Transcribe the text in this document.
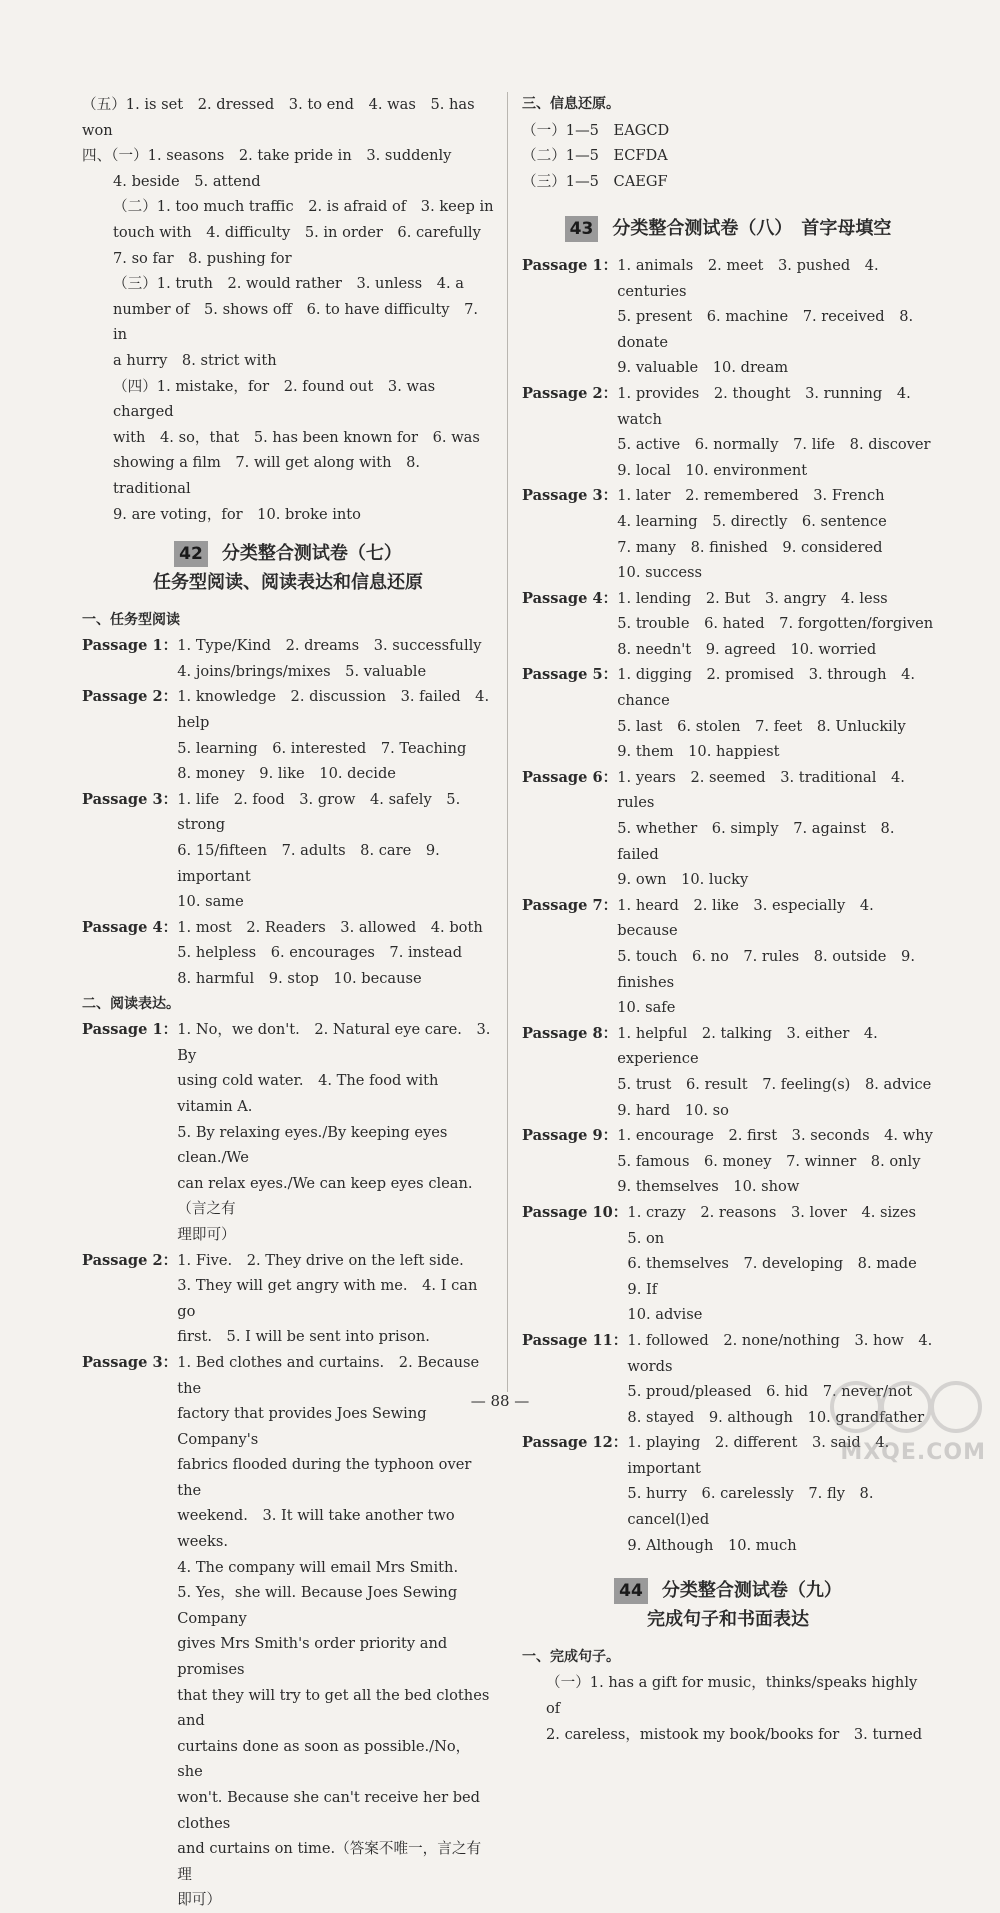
（五）1. is set　2. dressed　3. to end　4. was　5. has
won
四、（一）1. seasons　2. take pride in　3. suddenly
4. beside　5. attend
（二）1. too much traffic　2. is afraid of　3. keep in
touch with　4. difficulty　5. in order　6. carefully
7. so far　8. pushing for
（三）1. truth　2. would rather　3. unless　4. a
number of　5. shows off　6. to have difficulty　7. in
a hurry　8. strict with
（四）1. mistake，for　2. found out　3. was charged
with　4. so，that　5. has been known for　6. was
showing a film　7. will get along with　8. traditional
9. are voting，for　10. broke into
42 分类整合测试卷（七）
任务型阅读、阅读表达和信息还原
一、任务型阅读
Passage 1： 1. Type/Kind　2. dreams　3. successfully
4. joins/brings/mixes　5. valuable
Passage 2： 1. knowledge　2. discussion　3. failed　4. help
5. learning　6. interested　7. Teaching
8. money　9. like　10. decide
Passage 3： 1. life　2. food　3. grow　4. safely　5. strong
6. 15/fifteen　7. adults　8. care　9. important
10. same
Passage 4： 1. most　2. Readers　3. allowed　4. both
5. helpless　6. encourages　7. instead
8. harmful　9. stop　10. because
二、阅读表达。
Passage 1： 1. No，we don't.　2. Natural eye care.　3. By
using cold water.　4. The food with vitamin A.
5. By relaxing eyes./By keeping eyes clean./We
can relax eyes./We can keep eyes clean.（言之有
理即可）
Passage 2： 1. Five.　2. They drive on the left side.
3. They will get angry with me.　4. I can go
first.　5. I will be sent into prison.
Passage 3： 1. Bed clothes and curtains.　2. Because the
factory that provides Joes Sewing Company's
fabrics flooded during the typhoon over the
weekend.　3. It will take another two weeks.
4. The company will email Mrs Smith.
5. Yes，she will. Because Joes Sewing Company
gives Mrs Smith's order priority and promises
that they will try to get all the bed clothes and
curtains done as soon as possible./No，she
won't. Because she can't receive her bed clothes
and curtains on time.（答案不唯一，言之有理
即可）
三、信息还原。
（一）1—5　EAGCD
（二）1—5　ECFDA
（三）1—5　CAEGF
43 分类整合测试卷（八）　首字母填空
Passage 1： 1. animals　2. meet　3. pushed　4. centuries
5. present　6. machine　7. received　8. donate
9. valuable　10. dream
Passage 2： 1. provides　2. thought　3. running　4. watch
5. active　6. normally　7. life　8. discover
9. local　10. environment
Passage 3： 1. later　2. remembered　3. French
4. learning　5. directly　6. sentence
7. many　8. finished　9. considered
10. success
Passage 4： 1. lending　2. But　3. angry　4. less
5. trouble　6. hated　7. forgotten/forgiven
8. needn't　9. agreed　10. worried
Passage 5： 1. digging　2. promised　3. through　4. chance
5. last　6. stolen　7. feet　8. Unluckily
9. them　10. happiest
Passage 6： 1. years　2. seemed　3. traditional　4. rules
5. whether　6. simply　7. against　8. failed
9. own　10. lucky
Passage 7： 1. heard　2. like　3. especially　4. because
5. touch　6. no　7. rules　8. outside　9. finishes
10. safe
Passage 8： 1. helpful　2. talking　3. either　4. experience
5. trust　6. result　7. feeling(s)　8. advice
9. hard　10. so
Passage 9： 1. encourage　2. first　3. seconds　4. why
5. famous　6. money　7. winner　8. only
9. themselves　10. show
Passage 10： 1. crazy　2. reasons　3. lover　4. sizes　5. on
6. themselves　7. developing　8. made　9. If
10. advise
Passage 11： 1. followed　2. none/nothing　3. how　4. words
5. proud/pleased　6. hid　7. never/not
8. stayed　9. although　10. grandfather
Passage 12： 1. playing　2. different　3. said　4. important
5. hurry　6. carelessly　7. fly　8. cancel(l)ed
9. Although　10. much
44 分类整合测试卷（九）
完成句子和书面表达
一、完成句子。
（一）1. has a gift for music，thinks/speaks highly of
2. careless，mistook my book/books for　3. turned
— 88 —
MXQE.COM
